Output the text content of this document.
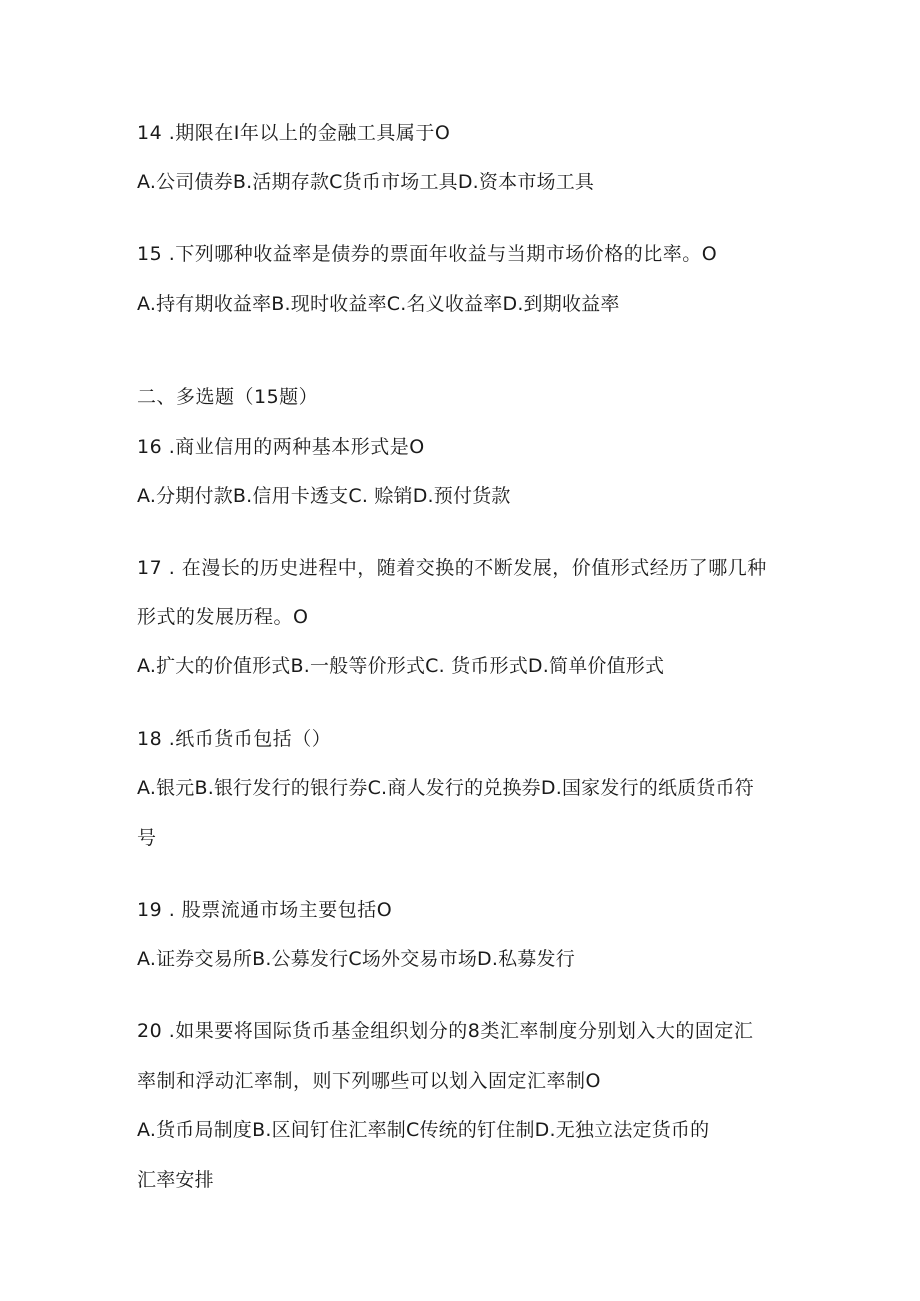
14 .期限在I年以上的金融工具属于O
A.公司债券B.活期存款C货币市场工具D.资本市场工具
15 .下列哪种收益率是债券的票面年收益与当期市场价格的比率。O
A.持有期收益率B.现时收益率C.名义收益率D.到期收益率
二、多选题（15题）
16 .商业信用的两种基本形式是O
A.分期付款B.信用卡透支C. 赊销D.预付货款
17 . 在漫长的历史进程中，随着交换的不断发展，价值形式经历了哪几种
形式的发展历程。O
A.扩大的价值形式B.一般等价形式C. 货币形式D.简单价值形式
18 .纸币货币包括（）
A.银元B.银行发行的银行券C.商人发行的兑换券D.国家发行的纸质货币符
号
19 . 股票流通市场主要包括O
A.证券交易所B.公募发行C场外交易市场D.私募发行
20 .如果要将国际货币基金组织划分的8类汇率制度分别划入大的固定汇
率制和浮动汇率制，则下列哪些可以划入固定汇率制O
A.货币局制度B.区间钉住汇率制C传统的钉住制D.无独立法定货币的
汇率安排
